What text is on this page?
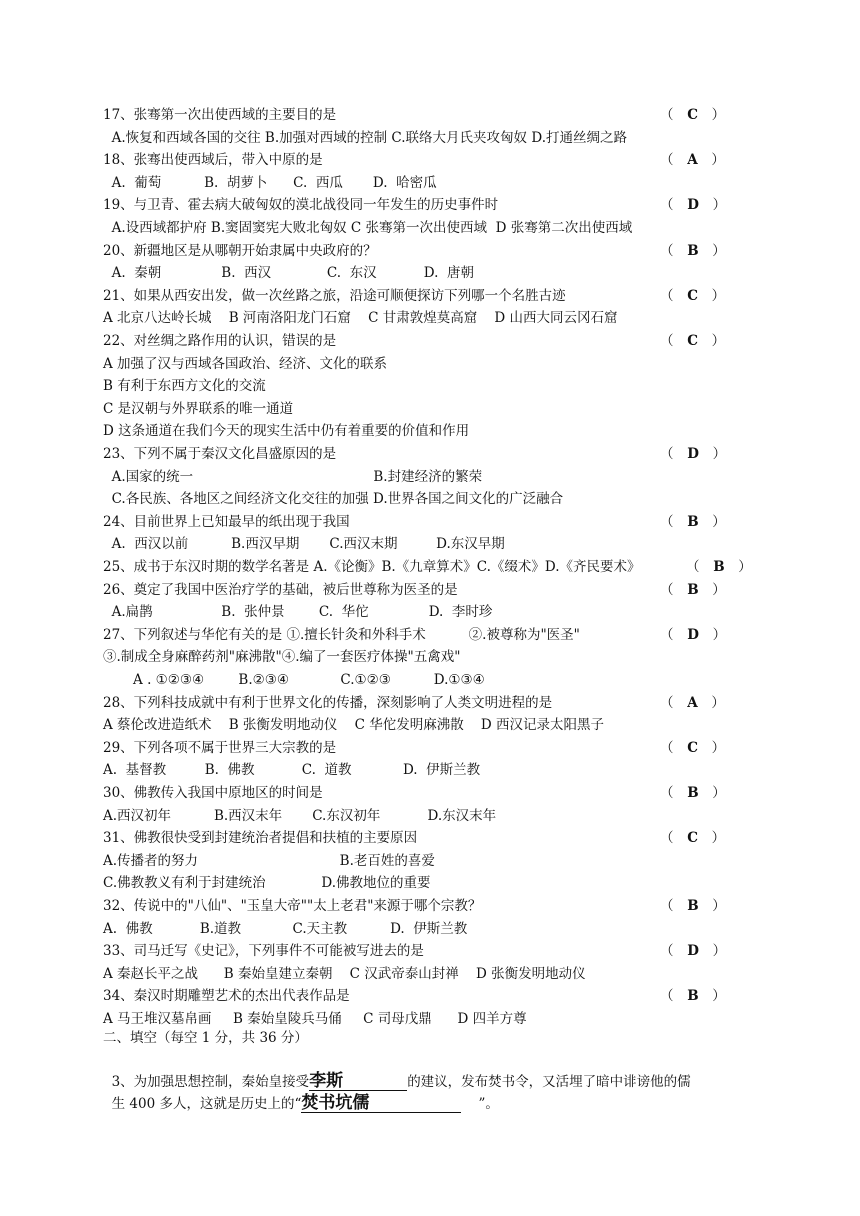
17、张骞第一次出使西域的主要目的是	（   C   ）
A.恢复和西域各国的交往 B.加强对西域的控制 C.联络大月氏夹攻匈奴 D.打通丝绸之路
18、张骞出使西域后，带入中原的是	（   A   ）
A.  葡萄          B.  胡萝卜      C.  西瓜       D.  哈密瓜
19、与卫青、霍去病大破匈奴的漠北战役同一年发生的历史事件时	（   D   ）
A.设西域都护府 B.窦固窦宪大败北匈奴 C 张骞第一次出使西域  D 张骞第二次出使西域
20、新疆地区是从哪朝开始隶属中央政府的？	（   B   ）
A.  秦朝              B.  西汉             C.  东汉           D.  唐朝
21、如果从西安出发，做一次丝路之旅，沿途可顺便探访下列哪一个名胜古迹	（   C   ）
A 北京八达岭长城    B 河南洛阳龙门石窟    C 甘肃敦煌莫高窟    D 山西大同云冈石窟
22、对丝绸之路作用的认识，错误的是	（   C   ）
A 加强了汉与西域各国政治、经济、文化的联系
B 有利于东西方文化的交流
C 是汉朝与外界联系的唯一通道
D 这条通道在我们今天的现实生活中仍有着重要的价值和作用
23、下列不属于秦汉文化昌盛原因的是	（   D   ）
A.国家的统一                                          B.封建经济的繁荣
C.各民族、各地区之间经济文化交往的加强 D.世界各国之间文化的广泛融合
24、目前世界上已知最早的纸出现于我国	（   B   ）
A.  西汉以前          B.西汉早期       C.西汉末期         D.东汉早期
25、成书于东汉时期的数学名著是 A.《论衡》B.《九章算术》C.《缀术》D.《齐民要术》	（   B   ）
26、奠定了我国中医治疗学的基础，被后世尊称为医圣的是	（   B   ）
A.扁鹊                B.  张仲景        C.  华佗              D.  李时珍
27、下列叙述与华佗有关的是 ①.擅长针灸和外科手术          ②.被尊称为"医圣"	（   D   ）
③.制成全身麻醉药剂"麻沸散"④.编了一套医疗体操"五禽戏"
A . ①②③④        B.②③④            C.①②③          D.①③④
28、下列科技成就中有利于世界文化的传播，深刻影响了人类文明进程的是	（   A   ）
A 蔡伦改进造纸术    B 张衡发明地动仪    C 华佗发明麻沸散    D 西汉记录太阳黑子
29、下列各项不属于世界三大宗教的是	（   C   ）
A.  基督教         B.  佛教           C.  道教            D.  伊斯兰教
30、佛教传入我国中原地区的时间是	（   B   ）
A.西汉初年          B.西汉末年       C.东汉初年           D.东汉末年
31、佛教很快受到封建统治者提倡和扶植的主要原因	（   C   ）
A.传播者的努力                                 B.老百姓的喜爱
C.佛教教义有利于封建统治             D.佛教地位的重要
32、传说中的"八仙"、"玉皇大帝""太上老君"来源于哪个宗教？	（   B   ）
A.  佛教           B.道教            C.天主教          D.  伊斯兰教
33、司马迁写《史记》，下列事件不可能被写进去的是	（   D   ）
A 秦赵长平之战      B 秦始皇建立秦朝    C 汉武帝泰山封禅    D 张衡发明地动仪
34、秦汉时期雕塑艺术的杰出代表作品是	（   B   ）
A 马王堆汉墓帛画     B 秦始皇陵兵马俑     C 司母戊鼎      D 四羊方尊
二、填空（每空 1 分，共 36 分）

3、为加强思想控制，秦始皇接受李斯	的建议，发布焚书令，又活埋了暗中诽谤他的儒

生 400 多人，这就是历史上的“焚书坑儒	”。
